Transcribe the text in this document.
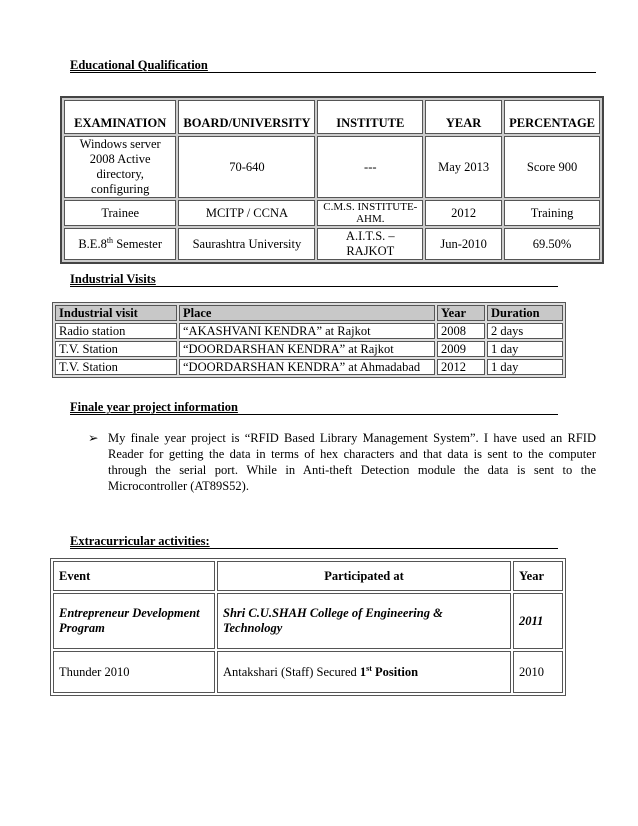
Educational Qualification
EXAMINATION	BOARD/UNIVERSITY	INSTITUTE	YEAR	PERCENTAGE
Windows server 2008 Active directory, configuring	70-640	---	May 2013	Score 900
Trainee	MCITP / CCNA	C.M.S. INSTITUTE- AHM.	2012	Training
B.E.8th Semester	Saurashtra University	A.I.T.S. – RAJKOT	Jun-2010	69.50%
Industrial Visits
Industrial visit	Place	Year	Duration
Radio station	“AKASHVANI KENDRA” at Rajkot	2008	2 days
T.V. Station	“DOORDARSHAN KENDRA” at Rajkot	2009	1 day
T.V. Station	“DOORDARSHAN KENDRA” at Ahmadabad	2012	1 day
Finale year project information
➢ My finale year project is “RFID Based Library Management System”. I have used an RFID Reader for getting the data in terms of hex characters and that data is sent to the computer through the serial port. While in Anti-theft Detection module the data is sent to the Microcontroller (AT89S52).
Extracurricular activities:
Event	Participated at	Year
Entrepreneur Development Program	Shri C.U.SHAH College of Engineering & Technology	2011
Thunder 2010	Antakshari (Staff) Secured 1st Position	2010
